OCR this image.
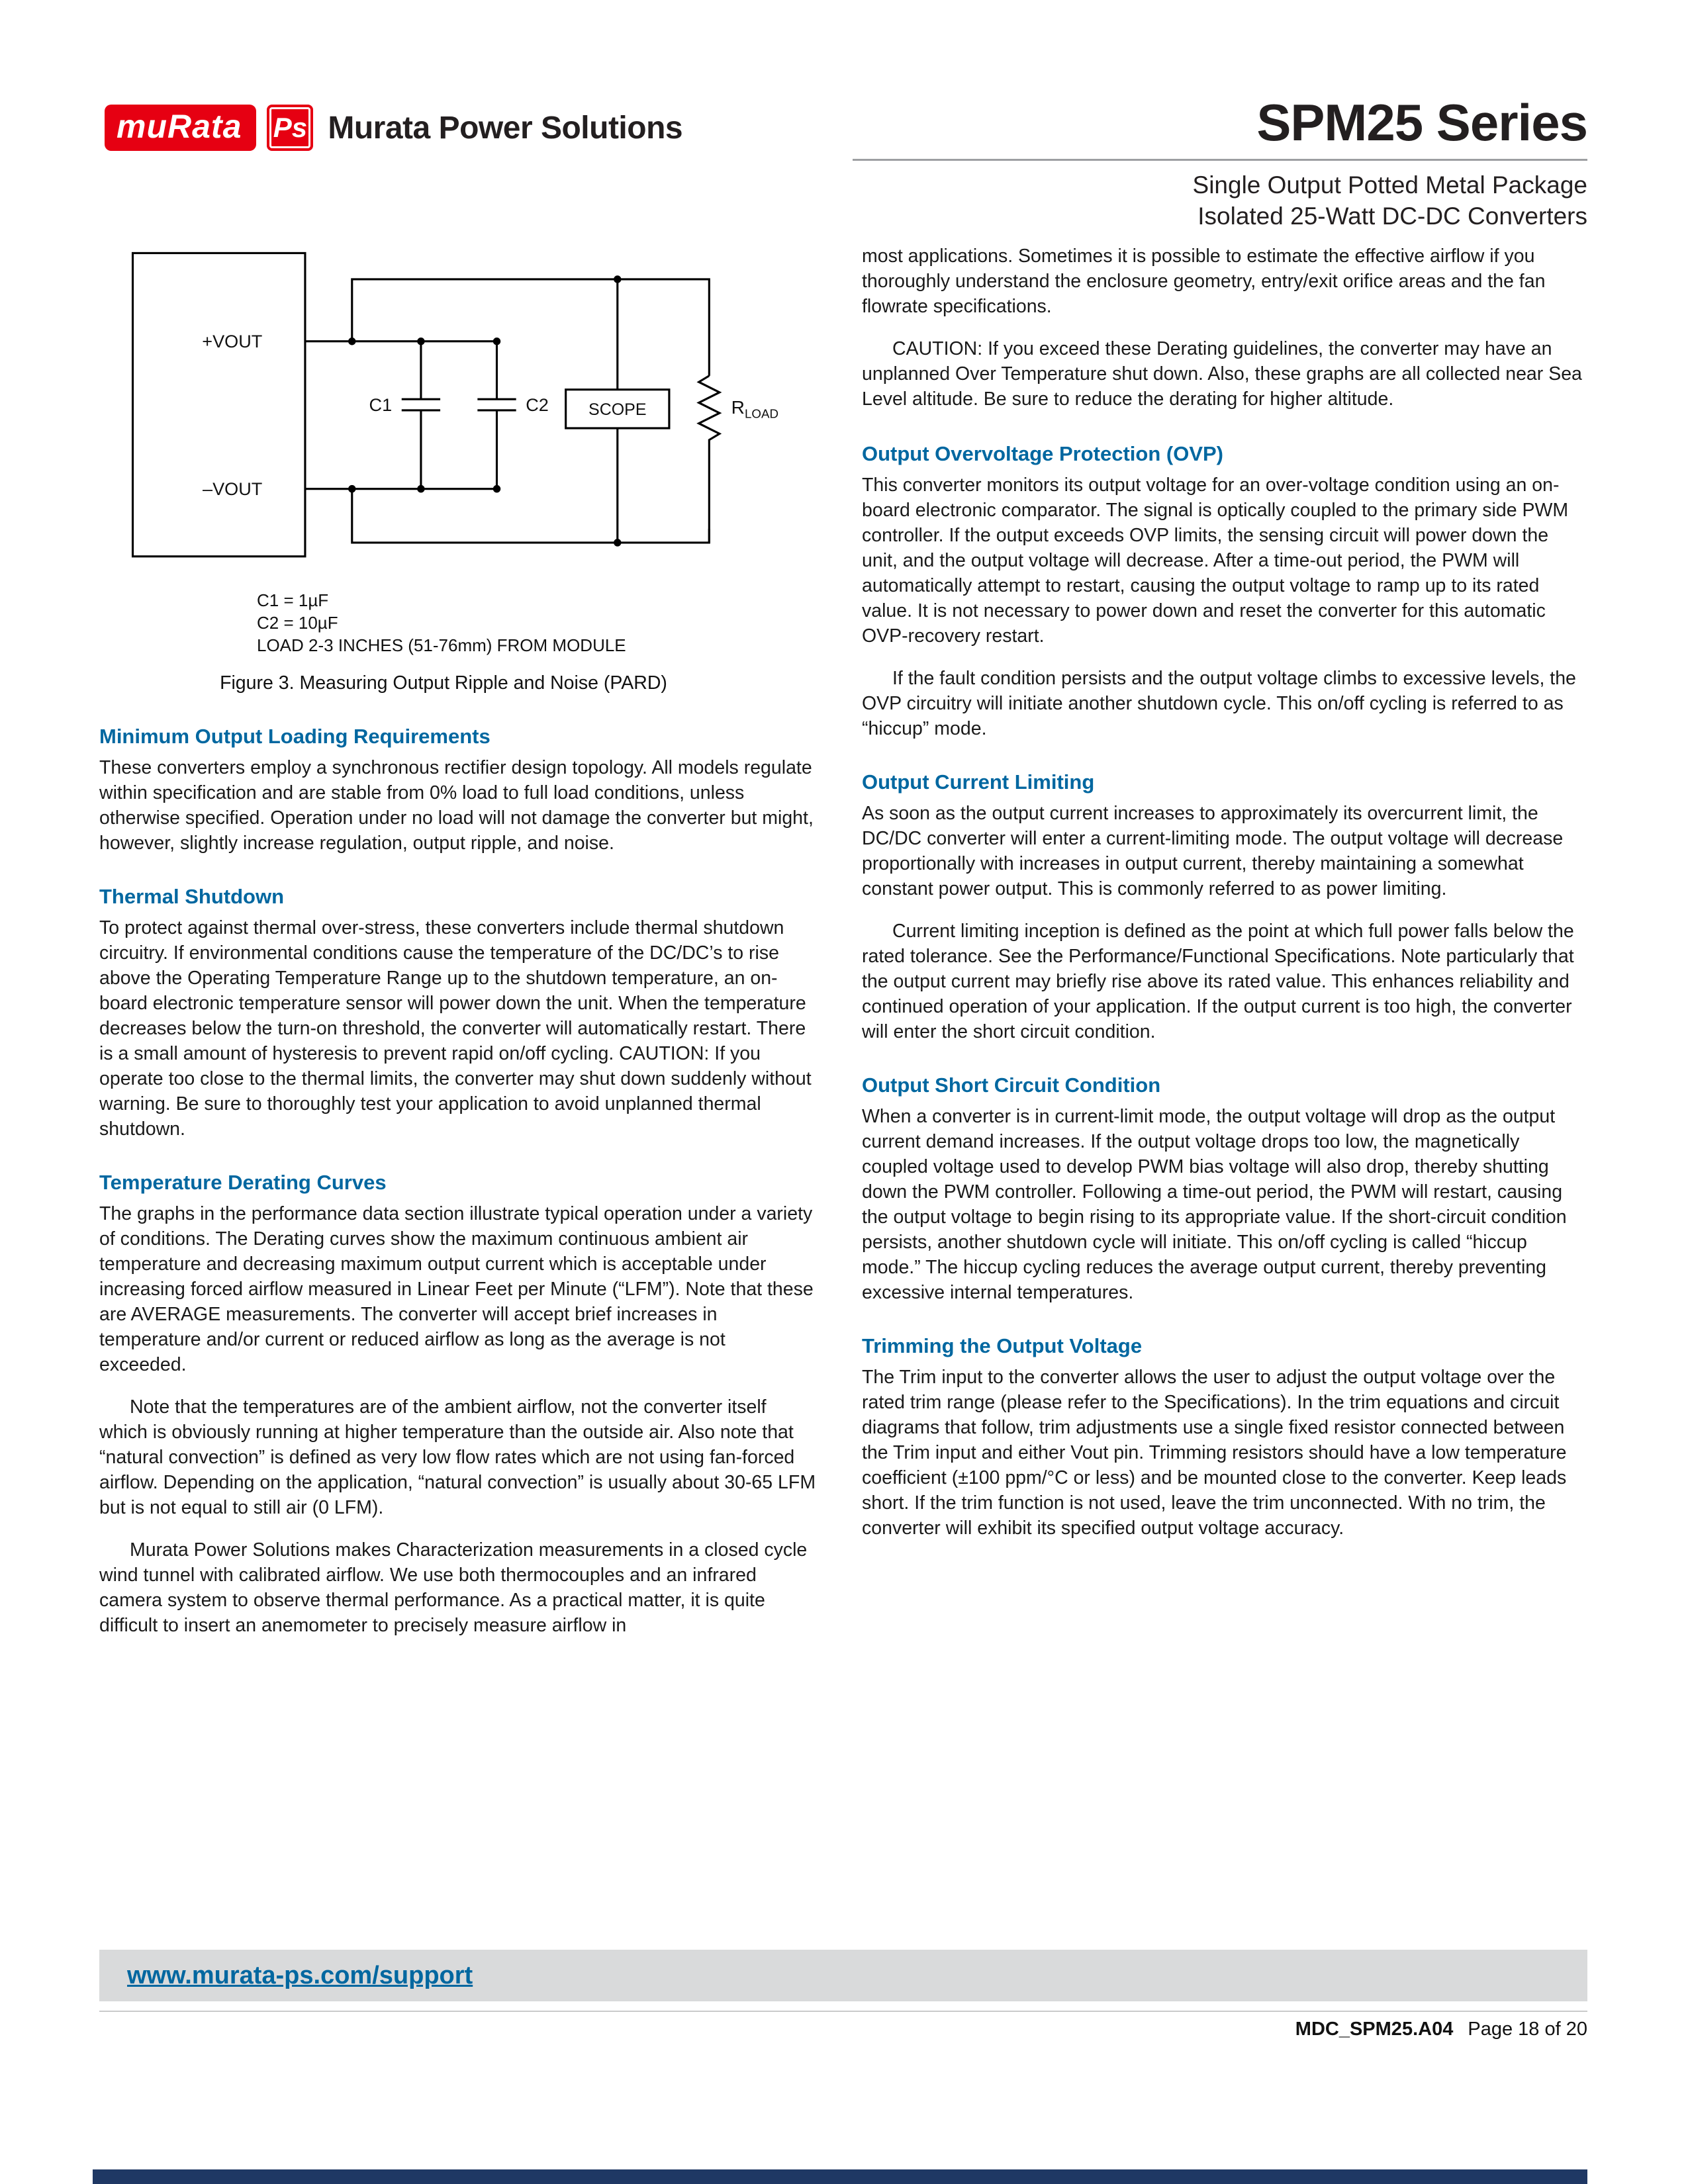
muRata	Ps Murata Power Solutions	SPM25 Series
Single Output Potted Metal Package
Isolated 25-Watt DC-DC Converters
+VOUT
–VOUT
C1	C2	SCOPE	$R_{LOAD}$
C1 = 1µF
C2 = 10µF
LOAD 2-3 INCHES (51-76mm) FROM MODULE
Figure 3. Measuring Output Ripple and Noise (PARD)
Minimum Output Loading Requirements

These converters employ a synchronous rectifier design topology. All models regulate within specification and are stable from 0% load to full load conditions, unless otherwise specified. Operation under no load will not damage the converter but might, however, slightly increase regulation, output ripple, and noise.

Thermal Shutdown

To protect against thermal over-stress, these converters include thermal shutdown circuitry. If environmental conditions cause the temperature of the DC/DC’s to rise above the Operating Temperature Range up to the shutdown temperature, an on-board electronic temperature sensor will power down the unit. When the temperature decreases below the turn-on threshold, the converter will automatically restart. There is a small amount of hysteresis to prevent rapid on/off cycling. CAUTION: If you operate too close to the thermal limits, the converter may shut down suddenly without warning. Be sure to thoroughly test your application to avoid unplanned thermal shutdown.

Temperature Derating Curves

The graphs in the performance data section illustrate typical operation under a variety of conditions. The Derating curves show the maximum continuous ambient air temperature and decreasing maximum output current which is acceptable under increasing forced airflow measured in Linear Feet per Minute (“LFM”). Note that these are AVERAGE measurements. The converter will accept brief increases in temperature and/or current or reduced airflow as long as the average is not exceeded.

Note that the temperatures are of the ambient airflow, not the converter itself which is obviously running at higher temperature than the outside air. Also note that “natural convection” is defined as very low flow rates which are not using fan-forced airflow. Depending on the application, “natural convection” is usually about 30-65 LFM but is not equal to still air (0 LFM).

Murata Power Solutions makes Characterization measurements in a closed cycle wind tunnel with calibrated airflow. We use both thermocouples and an infrared camera system to observe thermal performance. As a practical matter, it is quite difficult to insert an anemometer to precisely measure airflow in

most applications. Sometimes it is possible to estimate the effective airflow if you thoroughly understand the enclosure geometry, entry/exit orifice areas and the fan flowrate specifications.

CAUTION: If you exceed these Derating guidelines, the converter may have an unplanned Over Temperature shut down. Also, these graphs are all collected near Sea Level altitude. Be sure to reduce the derating for higher altitude.

Output Overvoltage Protection (OVP)

This converter monitors its output voltage for an over-voltage condition using an on-board electronic comparator. The signal is optically coupled to the primary side PWM controller. If the output exceeds OVP limits, the sensing circuit will power down the unit, and the output voltage will decrease. After a time-out period, the PWM will automatically attempt to restart, causing the output voltage to ramp up to its rated value. It is not necessary to power down and reset the converter for this automatic OVP-recovery restart.

If the fault condition persists and the output voltage climbs to excessive levels, the OVP circuitry will initiate another shutdown cycle. This on/off cycling is referred to as “hiccup” mode.

Output Current Limiting

As soon as the output current increases to approximately its overcurrent limit, the DC/DC converter will enter a current-limiting mode. The output voltage will decrease proportionally with increases in output current, thereby maintaining a somewhat constant power output. This is commonly referred to as power limiting.

Current limiting inception is defined as the point at which full power falls below the rated tolerance. See the Performance/Functional Specifications. Note particularly that the output current may briefly rise above its rated value. This enhances reliability and continued operation of your application. If the output current is too high, the converter will enter the short circuit condition.

Output Short Circuit Condition

When a converter is in current-limit mode, the output voltage will drop as the output current demand increases. If the output voltage drops too low, the magnetically coupled voltage used to develop PWM bias voltage will also drop, thereby shutting down the PWM controller. Following a time-out period, the PWM will restart, causing the output voltage to begin rising to its appropriate value. If the short-circuit condition persists, another shutdown cycle will initiate. This on/off cycling is called “hiccup mode.” The hiccup cycling reduces the average output current, thereby preventing excessive internal temperatures.

Trimming the Output Voltage

The Trim input to the converter allows the user to adjust the output voltage over the rated trim range (please refer to the Specifications). In the trim equations and circuit diagrams that follow, trim adjustments use a single fixed resistor connected between the Trim input and either Vout pin. Trimming resistors should have a low temperature coefficient (±100 ppm/°C or less) and be mounted close to the converter. Keep leads short. If the trim function is not used, leave the trim unconnected. With no trim, the converter will exhibit its specified output voltage accuracy.

www.murata-ps.com/support
MDC_SPM25.A04 Page 18 of 20
